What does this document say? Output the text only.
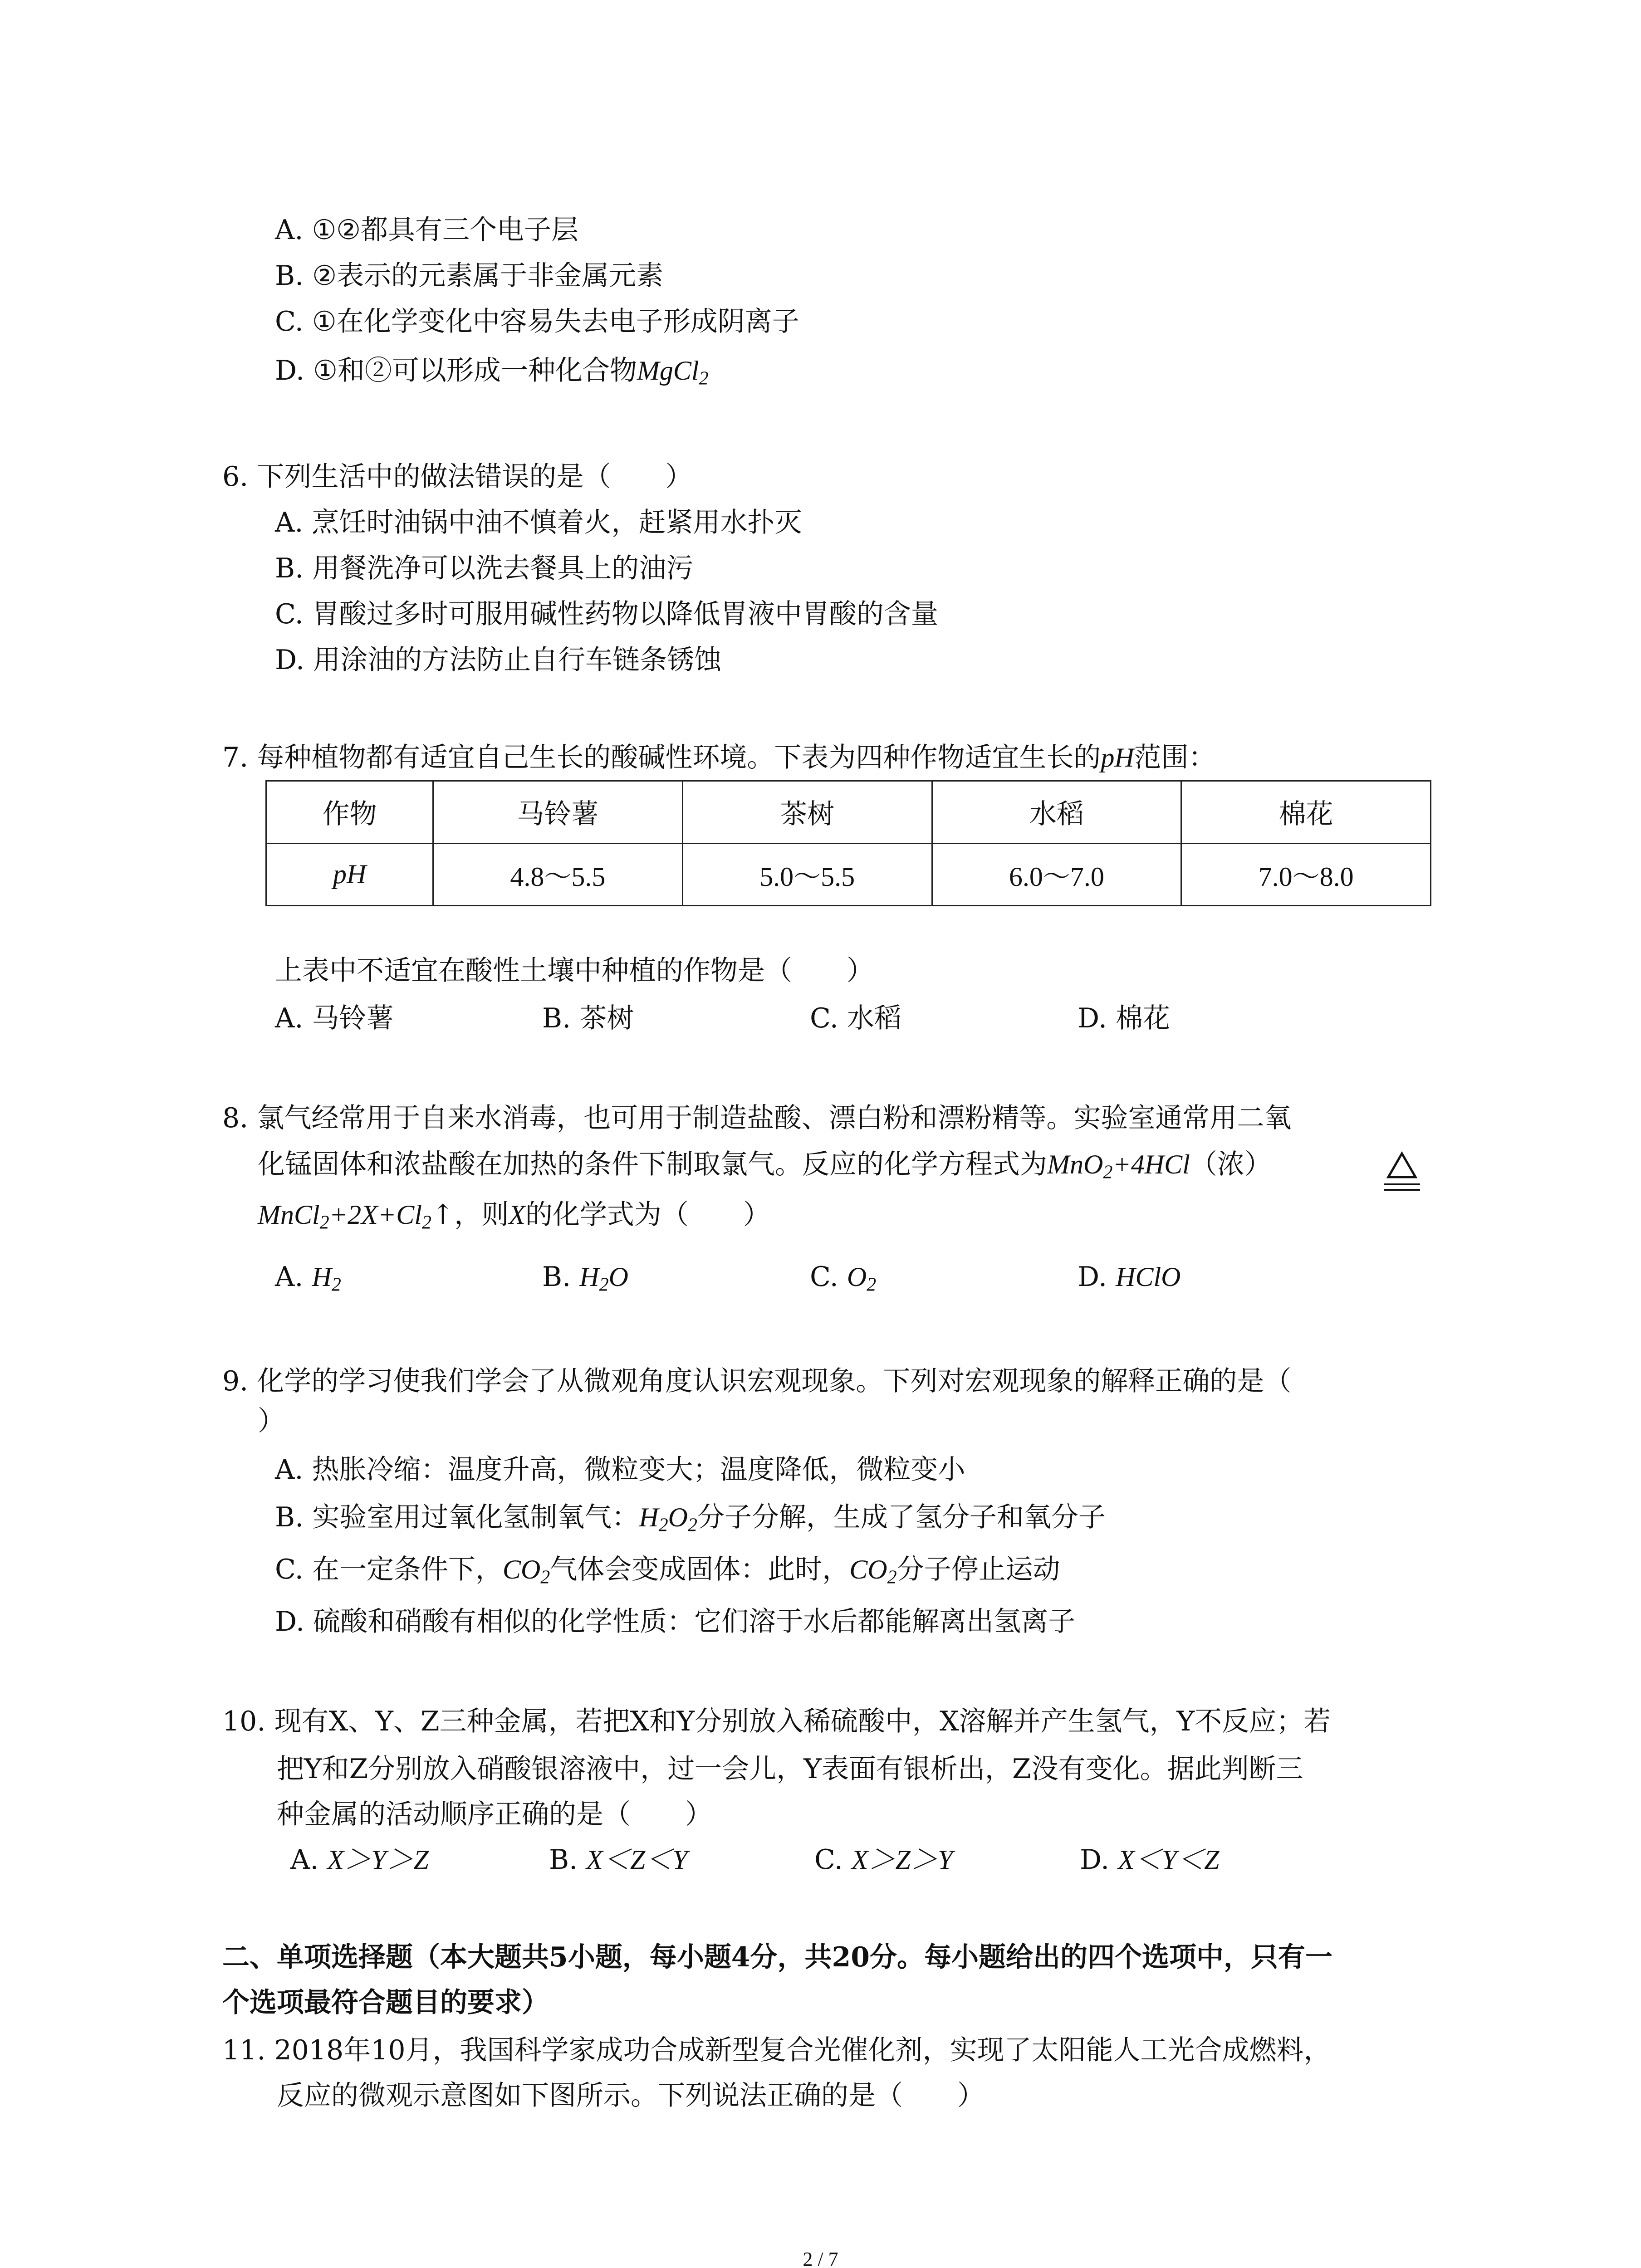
A. ①②都具有三个电子层
B. ②表示的元素属于非金属元素
C. ①在化学变化中容易失去电子形成阴离子
D. ①和②可以形成一种化合物MgCl$_2$
6. 下列生活中的做法错误的是（　　）
A. 烹饪时油锅中油不慎着火，赶紧用水扑灭
B. 用餐洗净可以洗去餐具上的油污
C. 胃酸过多时可服用碱性药物以降低胃液中胃酸的含量
D. 用涂油的方法防止自行车链条锈蚀
7. 每种植物都有适宜自己生长的酸碱性环境。下表为四种作物适宜生长的pH范围：
作物	马铃薯	茶树	水稻	棉花
pH	4.8～5.5	5.0～5.5	6.0～7.0	7.0～8.0
上表中不适宜在酸性土壤中种植的作物是（　　）
A. 马铃薯	B. 茶树	C. 水稻	D. 棉花
8. 氯气经常用于自来水消毒，也可用于制造盐酸、漂白粉和漂粉精等。实验室通常用二氧
化锰固体和浓盐酸在加热的条件下制取氯气。反应的化学方程式为MnO$_2$+4HCl（浓）
$MnCl_2+2X+Cl_2↑$，则X的化学式为（　　）
A. $H_2$	B. $H_2O$	C. $O_2$	D. HClO
9. 化学的学习使我们学会了从微观角度认识宏观现象。下列对宏观现象的解释正确的是（
）
A. 热胀冷缩：温度升高，微粒变大；温度降低，微粒变小
B. 实验室用过氧化氢制氧气：$H_2O_2$分子分解，生成了氢分子和氧分子
C. 在一定条件下，$CO_2$气体会变成固体：此时，$CO_2$分子停止运动
D. 硫酸和硝酸有相似的化学性质：它们溶于水后都能解离出氢离子
10. 现有X、Y、Z三种金属，若把X和Y分别放入稀硫酸中，X溶解并产生氢气，Y不反应；若
把Y和Z分别放入硝酸银溶液中，过一会儿，Y表面有银析出，Z没有变化。据此判断三
种金属的活动顺序正确的是（　　）
A. X＞Y＞Z	B. X＜Z＜Y	C. X＞Z＞Y	D. X＜Y＜Z
二、单项选择题（本大题共5小题，每小题4分，共20分。每小题给出的四个选项中，只有一
个选项最符合题目的要求）
11. 2018年10月，我国科学家成功合成新型复合光催化剂，实现了太阳能人工光合成燃料，
反应的微观示意图如下图所示。下列说法正确的是（　　）
2 / 7
